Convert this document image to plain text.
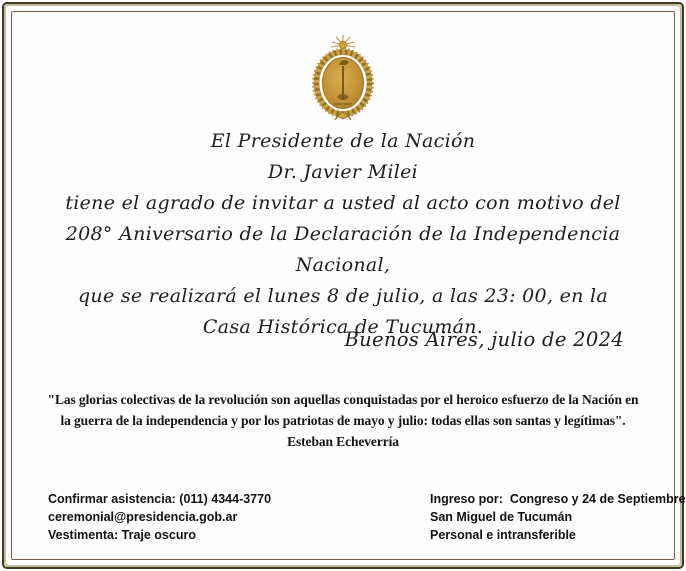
El Presidente de la Nación
Dr. Javier Milei
tiene el agrado de invitar a usted al acto con motivo del
208° Aniversario de la Declaración de la Independencia Nacional,
que se realizará el lunes 8 de julio, a las 23: 00, en la
Casa Histórica de Tucumán.
Buenos Aires, julio de 2024
"Las glorias colectivas de la revolución son aquellas conquistadas por el heroico esfuerzo de la Nación en la guerra de la independencia y por los patriotas de mayo y julio: todas ellas son santas y legítimas".
Esteban Echeverría
Confirmar asistencia: (011) 4344-3770
ceremonial@presidencia.gob.ar
Vestimenta: Traje oscuro
Ingreso por:  Congreso y 24 de Septiembre
San Miguel de Tucumán
Personal e intransferible
